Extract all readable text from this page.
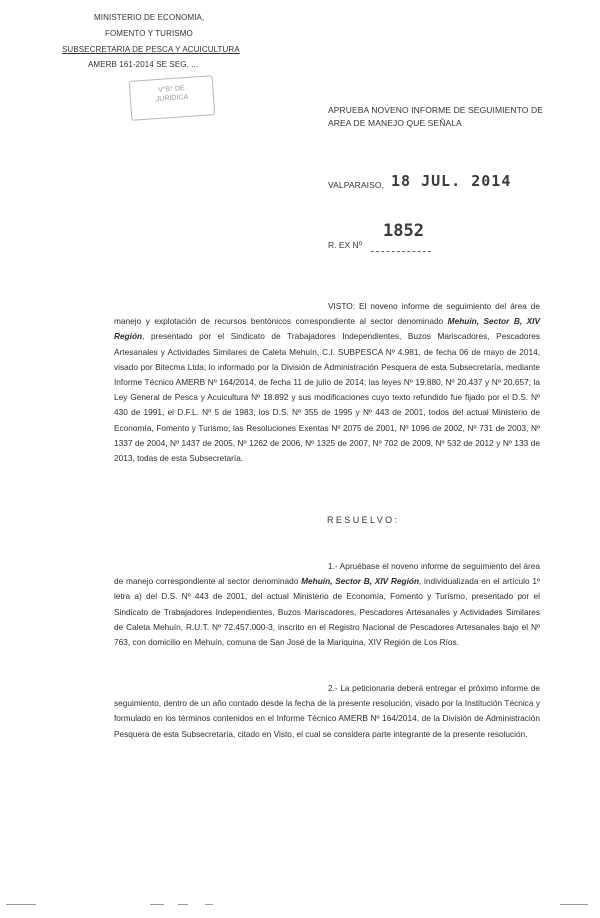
MINISTERIO DE ECONOMIA,
FOMENTO Y TURISMO
SUBSECRETARIA DE PESCA Y ACUICULTURA
AMERB 161-2014 SE SEG. ...
V°B° DE
JURIDICA
APRUEBA NOVENO INFORME DE SEGUIMIENTO DE AREA DE MANEJO QUE SEÑALA
VALPARAISO, 18 JUL. 2014
R. EX Nº
1852
VISTO: El noveno informe de seguimiento del área de manejo y explotación de recursos bentónicos correspondiente al sector denominado Mehuín, Sector B, XIV Región, presentado por el Sindicato de Trabajadores Independientes, Buzos Mariscadores, Pescadores Artesanales y Actividades Similares de Caleta Mehuín, C.I. SUBPESCA Nº 4.981, de fecha 06 de mayo de 2014, visado por Bitecma Ltda; lo informado por la División de Administración Pesquera de esta Subsecretaría, mediante Informe Técnico AMERB Nº 164/2014, de fecha 11 de julio de 2014; las leyes Nº 19.880, Nº 20.437 y Nº 20.657; la Ley General de Pesca y Acuicultura Nº 18.892 y sus modificaciones cuyo texto refundido fue fijado por el D.S. Nº 430 de 1991, el D.F.L. Nº 5 de 1983, los D.S. Nº 355 de 1995 y Nº 443 de 2001, todos del actual Ministerio de Economía, Fomento y Turismo; las Resoluciones Exentas Nº 2075 de 2001, Nº 1096 de 2002, Nº 731 de 2003, Nº 1337 de 2004, Nº 1437 de 2005, Nº 1262 de 2006, Nº 1325 de 2007, Nº 702 de 2009, Nº 532 de 2012 y Nº 133 de 2013, todas de esta Subsecretaría.
RESUELVO:
1.- Apruébase el noveno informe de seguimiento del área de manejo correspondiente al sector denominado Mehuín, Sector B, XIV Región, individualizada en el artículo 1º letra a) del D.S. Nº 443 de 2001, del actual Ministerio de Economía, Fomento y Turismo, presentado por el Sindicato de Trabajadores Independientes, Buzos Mariscadores, Pescadores Artesanales y Actividades Similares de Caleta Mehuín, R.U.T. Nº 72.457.000-3, inscrito en el Registro Nacional de Pescadores Artesanales bajo el Nº 763, con domicilio en Mehuín, comuna de San José de la Mariquina, XIV Región de Los Ríos.
2.- La peticionaria deberá entregar el próximo informe de seguimiento, dentro de un año contado desde la fecha de la presente resolución, visado por la Institución Técnica y formulado en los términos contenidos en el Informe Técnico AMERB Nº 164/2014, de la División de Administración Pesquera de esta Subsecretaría, citado en Visto, el cual se considera parte integrante de la presente resolución.
